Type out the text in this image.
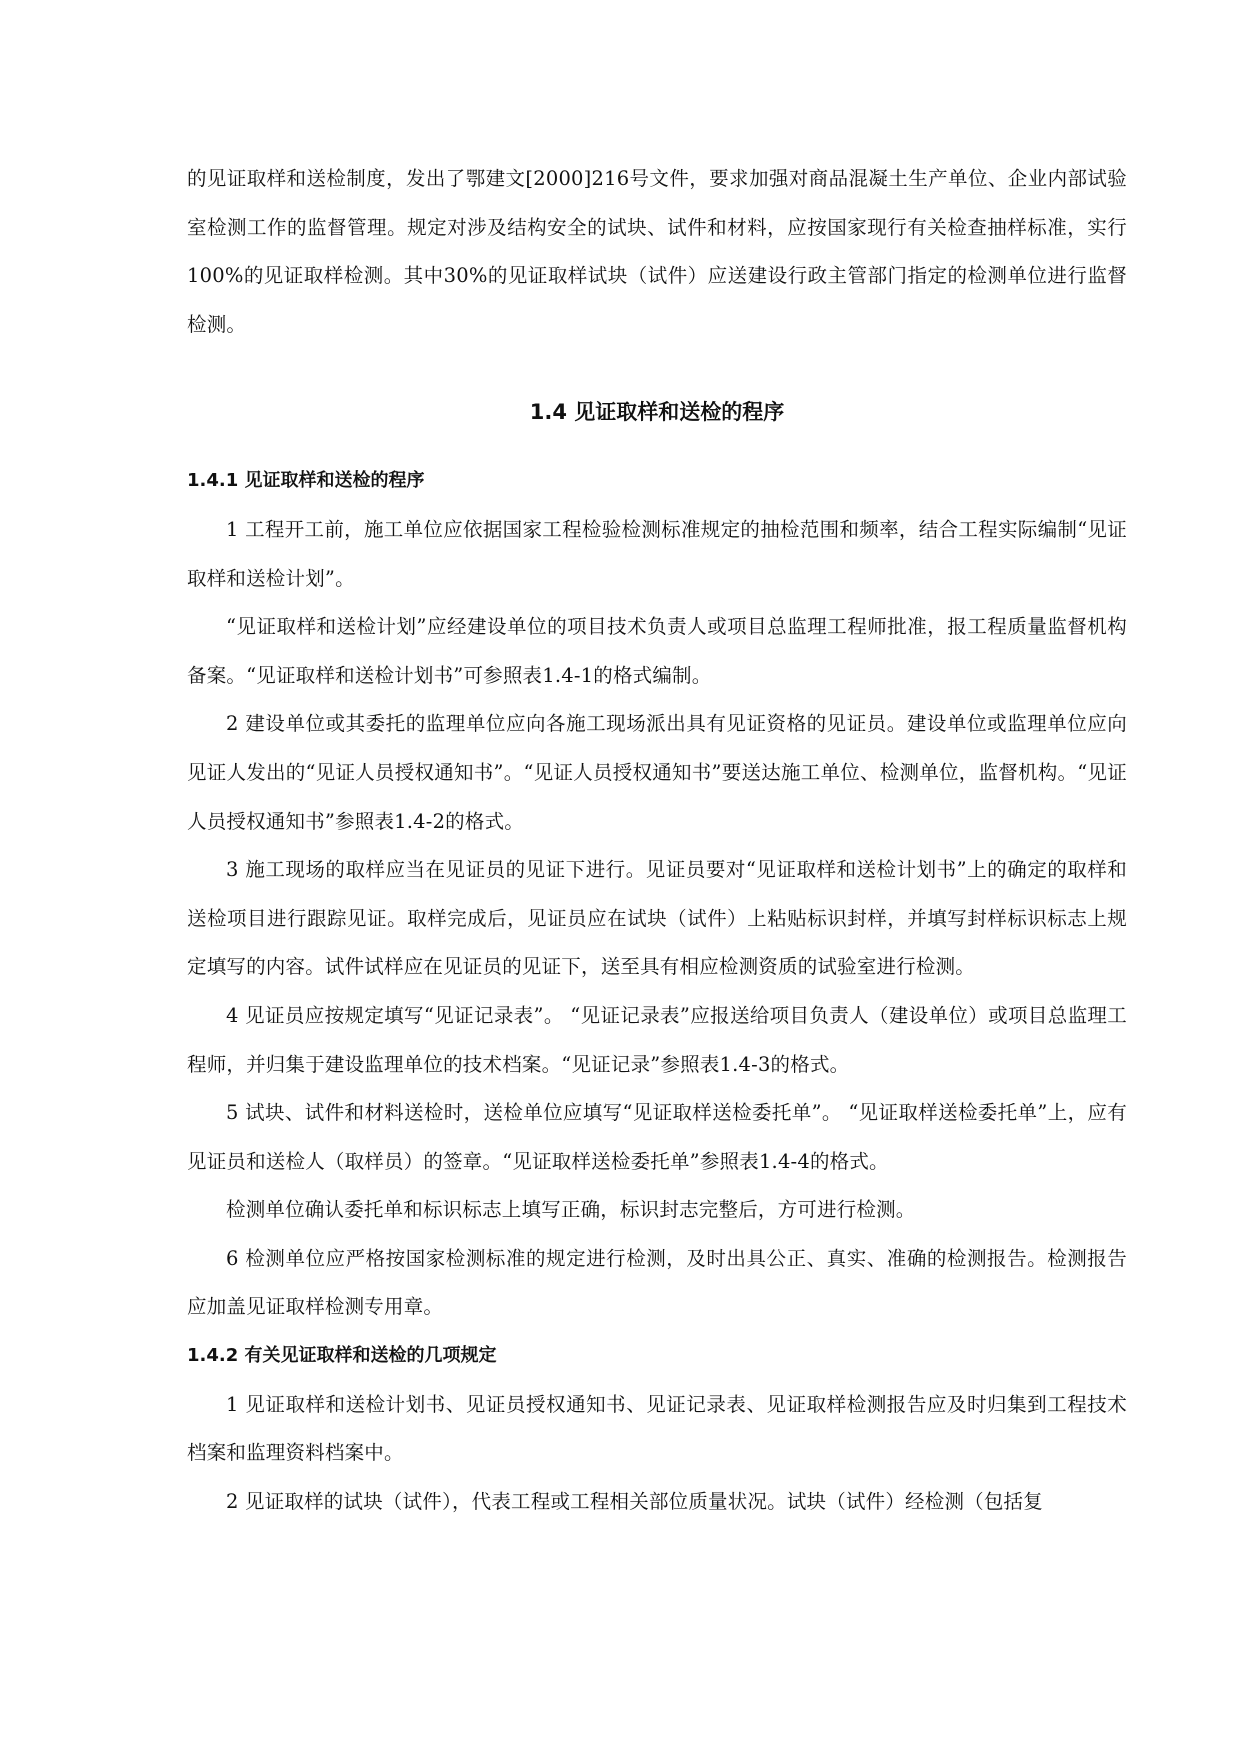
的见证取样和送检制度，发出了鄂建文[2000]216号文件，要求加强对商品混凝土生产单位、企业内部试验室检测工作的监督管理。规定对涉及结构安全的试块、试件和材料，应按国家现行有关检查抽样标准，实行100%的见证取样检测。其中30%的见证取样试块（试件）应送建设行政主管部门指定的检测单位进行监督检测。

1.4 见证取样和送检的程序
1.4.1 见证取样和送检的程序

1 工程开工前，施工单位应依据国家工程检验检测标准规定的抽检范围和频率，结合工程实际编制“见证取样和送检计划”。

“见证取样和送检计划”应经建设单位的项目技术负责人或项目总监理工程师批准，报工程质量监督机构备案。“见证取样和送检计划书”可参照表1.4-1的格式编制。

2 建设单位或其委托的监理单位应向各施工现场派出具有见证资格的见证员。建设单位或监理单位应向见证人发出的“见证人员授权通知书”。“见证人员授权通知书”要送达施工单位、检测单位，监督机构。“见证人员授权通知书”参照表1.4-2的格式。

3 施工现场的取样应当在见证员的见证下进行。见证员要对“见证取样和送检计划书”上的确定的取样和送检项目进行跟踪见证。取样完成后，见证员应在试块（试件）上粘贴标识封样，并填写封样标识标志上规定填写的内容。试件试样应在见证员的见证下，送至具有相应检测资质的试验室进行检测。

4 见证员应按规定填写“见证记录表”。 “见证记录表”应报送给项目负责人（建设单位）或项目总监理工程师，并归集于建设监理单位的技术档案。“见证记录”参照表1.4-3的格式。

5 试块、试件和材料送检时，送检单位应填写“见证取样送检委托单”。 “见证取样送检委托单”上，应有见证员和送检人（取样员）的签章。“见证取样送检委托单”参照表1.4-4的格式。

检测单位确认委托单和标识标志上填写正确，标识封志完整后，方可进行检测。

6 检测单位应严格按国家检测标准的规定进行检测，及时出具公正、真实、准确的检测报告。检测报告应加盖见证取样检测专用章。

1.4.2 有关见证取样和送检的几项规定

1 见证取样和送检计划书、见证员授权通知书、见证记录表、见证取样检测报告应及时归集到工程技术档案和监理资料档案中。

2 见证取样的试块（试件），代表工程或工程相关部位质量状况。试块（试件）经检测（包括复
